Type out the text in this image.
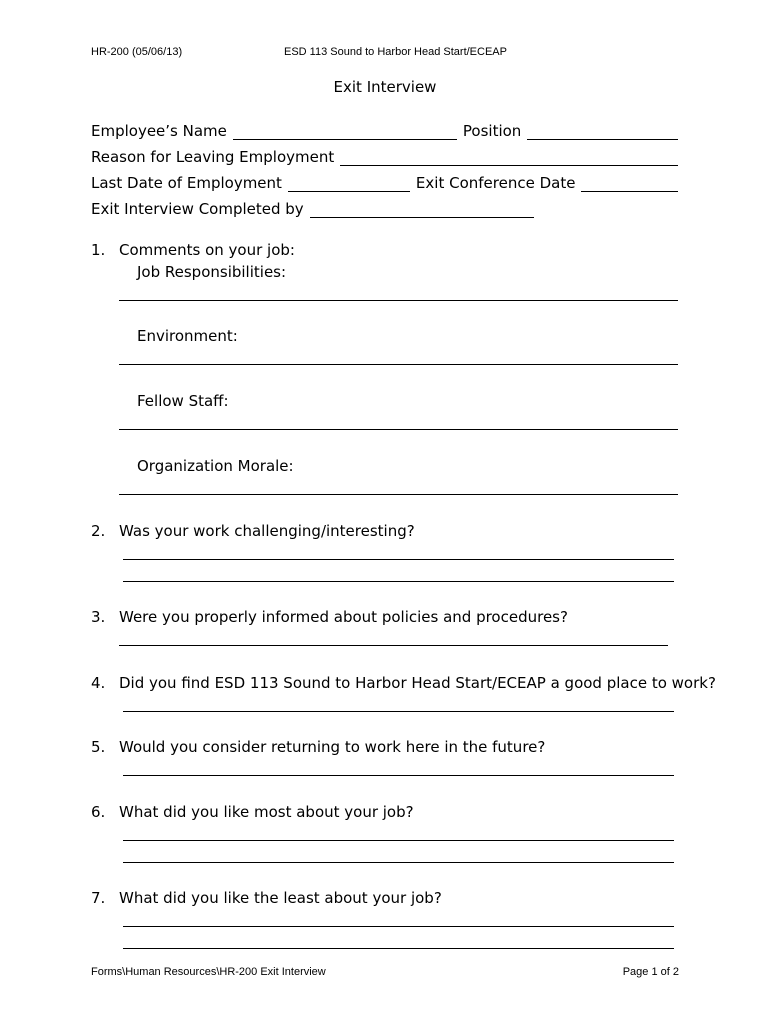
HR-200 (05/06/13)	ESD 113 Sound to Harbor Head Start/ECEAP
Exit Interview
Employee’s Name	Position
Reason for Leaving Employment
Last Date of Employment	Exit Conference Date
Exit Interview Completed by
1. Comments on your job:
Job Responsibilities:
Environment:
Fellow Staff:
Organization Morale:
2. Was your work challenging/interesting?
3. Were you properly informed about policies and procedures?
4. Did you find ESD 113 Sound to Harbor Head Start/ECEAP a good place to work?
5. Would you consider returning to work here in the future?
6. What did you like most about your job?
7. What did you like the least about your job?
Forms\Human Resources\HR-200 Exit Interview	Page 1 of 2
